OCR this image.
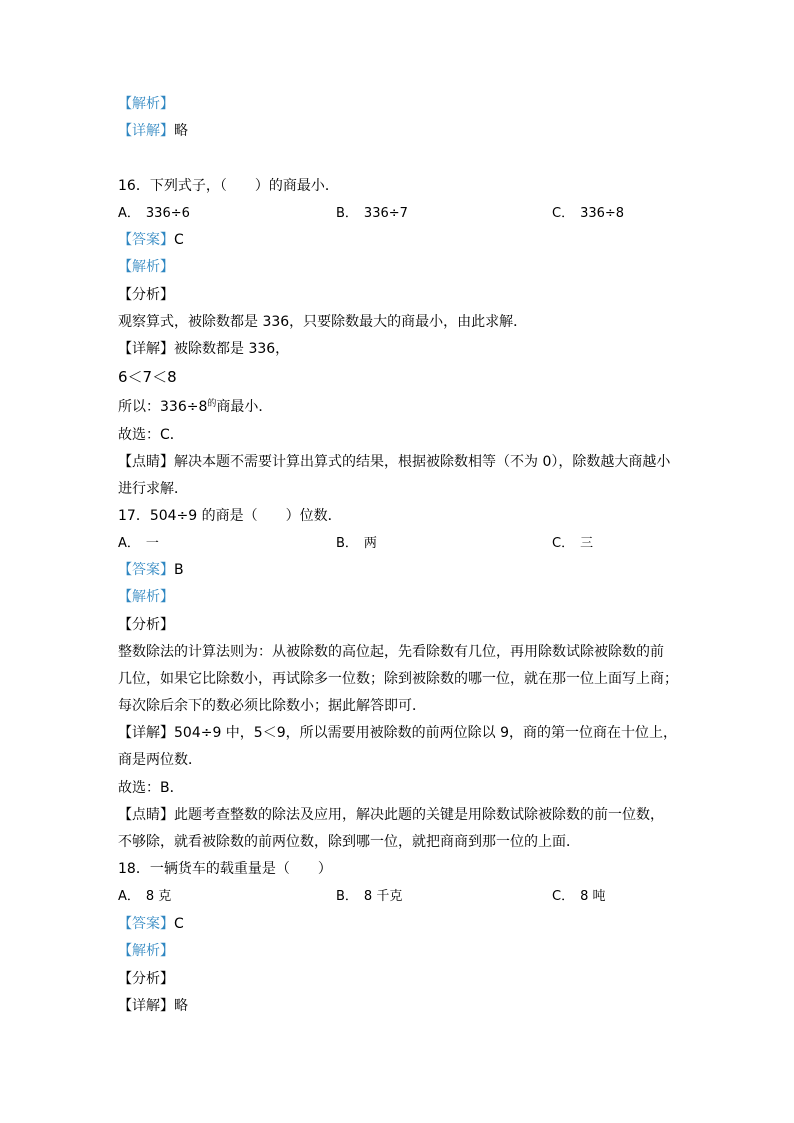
【解析】
【详解】略
16．下列式子，（　　）的商最小．
A． 336÷6	B． 336÷7	C． 336÷8
【答案】C
【解析】
【分析】
观察算式，被除数都是 336，只要除数最大的商最小，由此求解．
【详解】被除数都是 336，
6＜7＜8
所以：$336\div 8^的$商最小．
故选：C．
【点睛】解决本题不需要计算出算式的结果，根据被除数相等（不为 0），除数越大商越小
进行求解．
17．504÷9 的商是（　　）位数．
A． 一	B． 两	C． 三
【答案】B
【解析】
【分析】
整数除法的计算法则为：从被除数的高位起，先看除数有几位，再用除数试除被除数的前
几位，如果它比除数小，再试除多一位数；除到被除数的哪一位，就在那一位上面写上商；
每次除后余下的数必须比除数小；据此解答即可．
【详解】504÷9 中，5＜9，所以需要用被除数的前两位除以 9，商的第一位商在十位上，
商是两位数．
故选：B．
【点睛】此题考查整数的除法及应用，解决此题的关键是用除数试除被除数的前一位数，
不够除，就看被除数的前两位数，除到哪一位，就把商商到那一位的上面．
18．一辆货车的载重量是（　　）
A． 8 克	B． 8 千克	C． 8 吨
【答案】C
【解析】
【分析】
【详解】略
